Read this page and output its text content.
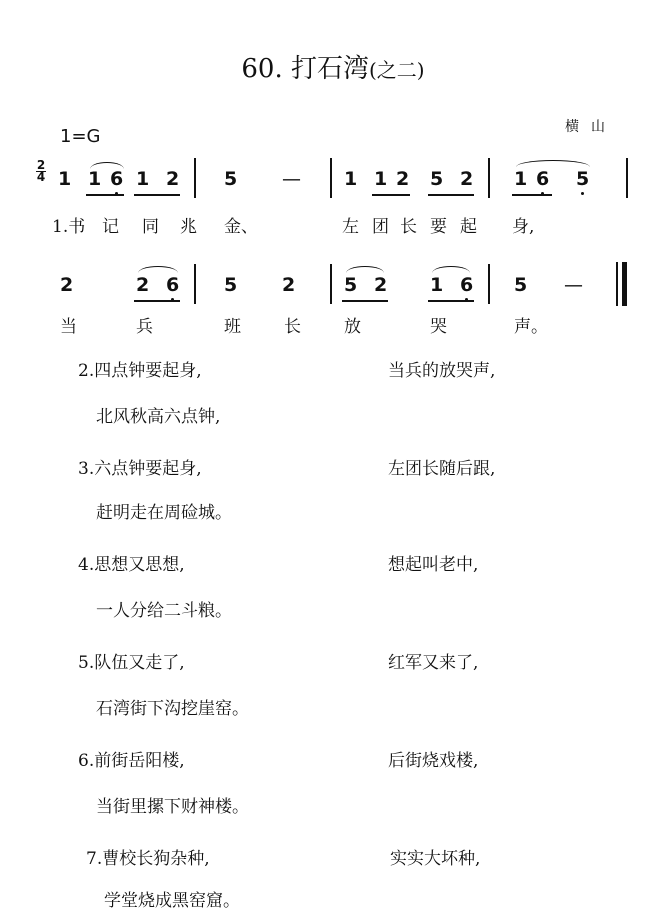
60. 打石湾(之二)
横山
1=G
2
4 1 1 6 1 2 5 — 1 1 2 5 2 1 6 5
1.书 记 同 兆 金、	左 团 长 要 起 身,
2	2 6 5 2	5 2 1 6 5 —
当	兵	班	长	放	哭	声。
2.四点钟要起身,	当兵的放哭声,
北风秋高六点钟,
3.六点钟要起身,	左团长随后跟,
赶明走在周硷城。
4.思想又思想,	想起叫老中,
一人分给二斗粮。
5.队伍又走了,	红军又来了,
石湾街下沟挖崖窑。
6.前街岳阳楼,	后街烧戏楼,
当街里摞下财神楼。
7.曹校长狗杂种,	实实大坏种,
学堂烧成黑窑窟。
